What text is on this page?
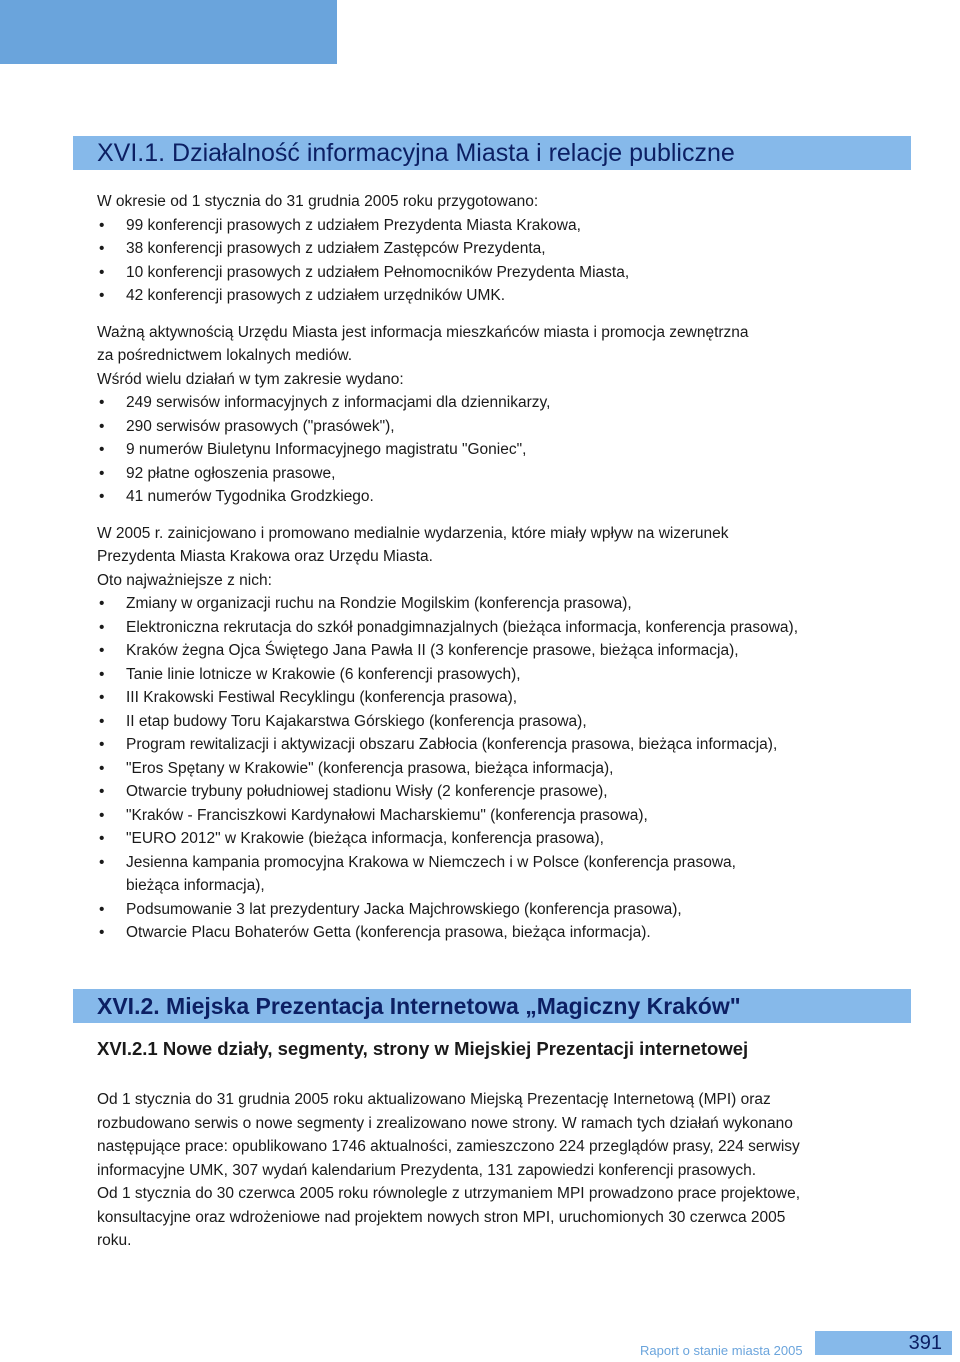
XVI.1. Działalność informacyjna Miasta i relacje publiczne

W okresie od 1 stycznia do 31 grudnia 2005 roku przygotowano:

• 99 konferencji prasowych z udziałem Prezydenta Miasta Krakowa,
• 38 konferencji prasowych z udziałem Zastępców Prezydenta,
• 10 konferencji prasowych z udziałem Pełnomocników Prezydenta Miasta,
• 42 konferencji prasowych z udziałem urzędników UMK.

Ważną aktywnością Urzędu Miasta jest informacja mieszkańców miasta i promocja zewnętrzna
za pośrednictwem lokalnych mediów.

Wśród wielu działań w tym zakresie wydano:

• 249 serwisów informacyjnych z informacjami dla dziennikarzy,
• 290 serwisów prasowych ("prasówek"),
• 9 numerów Biuletynu Informacyjnego magistratu "Goniec",
• 92 płatne ogłoszenia prasowe,
• 41 numerów Tygodnika Grodzkiego.

W 2005 r. zainicjowano i promowano medialnie wydarzenia, które miały wpływ na wizerunek
Prezydenta Miasta Krakowa oraz Urzędu Miasta.

Oto najważniejsze z nich:

• Zmiany w organizacji ruchu na Rondzie Mogilskim (konferencja prasowa),
• Elektroniczna rekrutacja do szkół ponadgimnazjalnych (bieżąca informacja, konferencja prasowa),
• Kraków żegna Ojca Świętego Jana Pawła II (3 konferencje prasowe, bieżąca informacja),
• Tanie linie lotnicze w Krakowie (6 konferencji prasowych),
• III Krakowski Festiwal Recyklingu (konferencja prasowa),
• II etap budowy Toru Kajakarstwa Górskiego (konferencja prasowa),
• Program rewitalizacji i aktywizacji obszaru Zabłocia (konferencja prasowa, bieżąca informacja),
• "Eros Spętany w Krakowie" (konferencja prasowa, bieżąca informacja),
• Otwarcie trybuny południowej stadionu Wisły (2 konferencje prasowe),
• "Kraków - Franciszkowi Kardynałowi Macharskiemu" (konferencja prasowa),
• "EURO 2012" w Krakowie (bieżąca informacja, konferencja prasowa),
• Jesienna kampania promocyjna Krakowa w Niemczech i w Polsce (konferencja prasowa,
bieżąca informacja),
• Podsumowanie 3 lat prezydentury Jacka Majchrowskiego (konferencja prasowa),
• Otwarcie Placu Bohaterów Getta (konferencja prasowa, bieżąca informacja).
XVI.2. Miejska Prezentacja Internetowa „Magiczny Kraków"
XVI.2.1 Nowe działy, segmenty, strony w Miejskiej Prezentacji internetowej

Od 1 stycznia do 31 grudnia 2005 roku aktualizowano Miejską Prezentację Internetową (MPI) oraz
rozbudowano serwis o nowe segmenty i zrealizowano nowe strony. W ramach tych działań wykonano
następujące prace: opublikowano 1746 aktualności, zamieszczono 224 przeglądów prasy, 224 serwisy
informacyjne UMK, 307 wydań kalendarium Prezydenta, 131 zapowiedzi konferencji prasowych.
Od 1 stycznia do 30 czerwca 2005 roku równolegle z utrzymaniem MPI prowadzono prace projektowe,
konsultacyjne oraz wdrożeniowe nad projektem nowych stron MPI, uruchomionych 30 czerwca 2005
roku.

Raport o stanie miasta 2005	391
